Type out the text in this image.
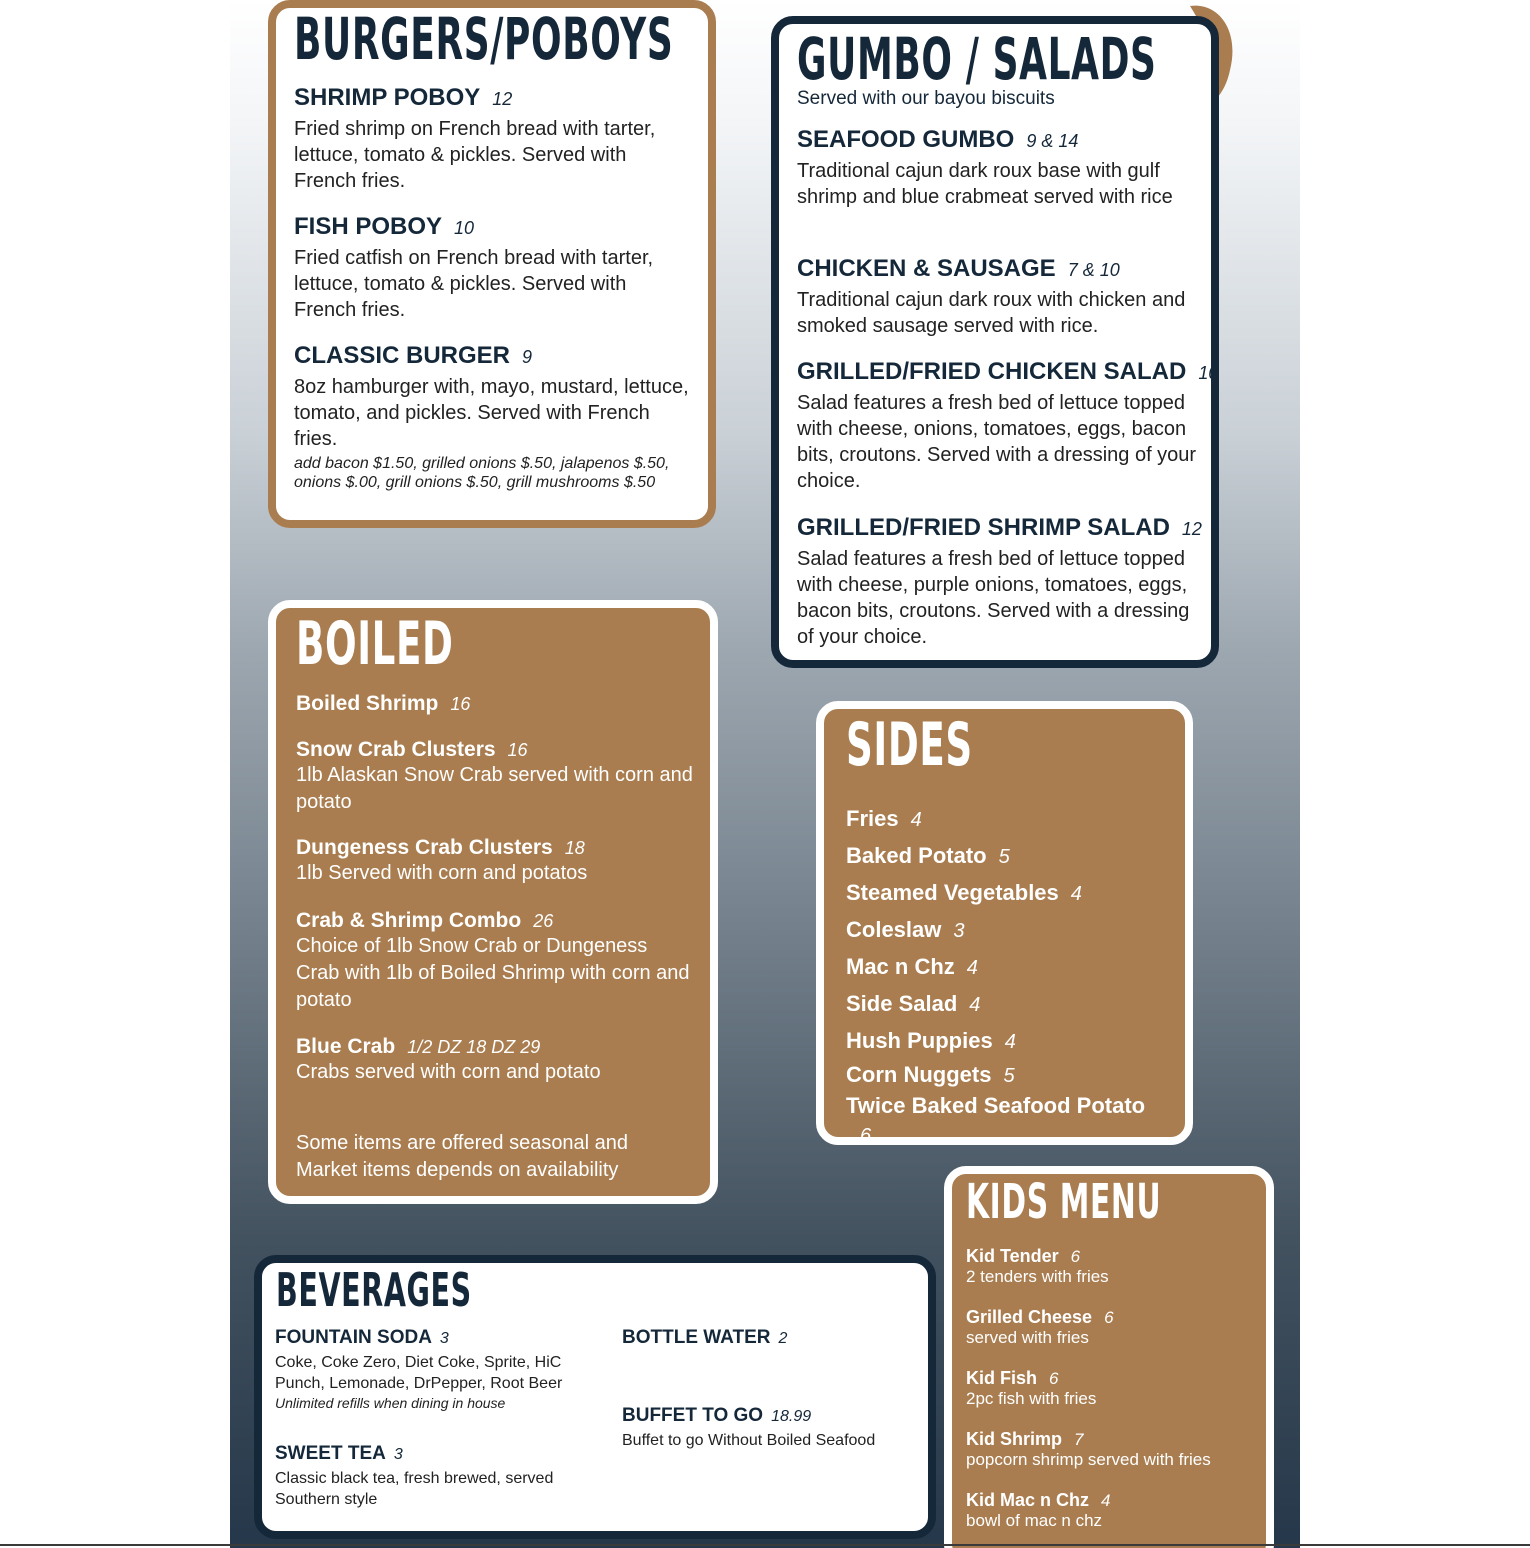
BURGERS/POBOYS
SHRIMP POBOY 12
Fried shrimp on French bread with tarter, lettuce, tomato & pickles. Served with French fries.
FISH POBOY 10
Fried catfish on French bread with tarter, lettuce, tomato & pickles. Served with French fries.
CLASSIC BURGER 9
8oz hamburger with, mayo, mustard, lettuce, tomato, and pickles. Served with French fries.
add bacon $1.50, grilled onions $.50, jalapenos $.50, onions $.00, grill onions $.50, grill mushrooms $.50
GUMBO / SALADS
Served with our bayou biscuits
SEAFOOD GUMBO 9 & 14
Traditional cajun dark roux base with gulf shrimp and blue crabmeat served with rice
CHICKEN & SAUSAGE 7 & 10
Traditional cajun dark roux with chicken and smoked sausage served with rice.
GRILLED/FRIED CHICKEN SALAD 10
Salad features a fresh bed of lettuce topped with cheese, onions, tomatoes, eggs, bacon bits, croutons. Served with a dressing of your choice.
GRILLED/FRIED SHRIMP SALAD 12
Salad features a fresh bed of lettuce topped with cheese, purple onions, tomatoes, eggs, bacon bits, croutons. Served with a dressing of your choice.
BOILED
Boiled Shrimp 16
Snow Crab Clusters 16
1lb Alaskan Snow Crab served with corn and potato
Dungeness Crab Clusters 18
1lb Served with corn and potatos
Crab & Shrimp Combo 26
Choice of 1lb Snow Crab or Dungeness Crab with 1lb of Boiled Shrimp with corn and potato
Blue Crab 1/2 DZ 18 DZ 29
Crabs served with corn and potato
Some items are offered seasonal and Market items depends on availability
SIDES
Fries 4
Baked Potato 5
Steamed Vegetables 4
Coleslaw 3
Mac n Chz 4
Side Salad 4
Hush Puppies 4
Corn Nuggets 5
Twice Baked Seafood Potato
6
KIDS MENU
Kid Tender 6
2 tenders with fries
Grilled Cheese 6
served with fries
Kid Fish 6
2pc fish with fries
Kid Shrimp 7
popcorn shrimp served with fries
Kid Mac n Chz 4
bowl of mac n chz
BEVERAGES
FOUNTAIN SODA 3
Coke, Coke Zero, Diet Coke, Sprite, HiC Punch, Lemonade, DrPepper, Root Beer
Unlimited refills when dining in house
SWEET TEA 3
Classic black tea, fresh brewed, served Southern style
BOTTLE WATER 2
BUFFET TO GO 18.99
Buffet to go Without Boiled Seafood
